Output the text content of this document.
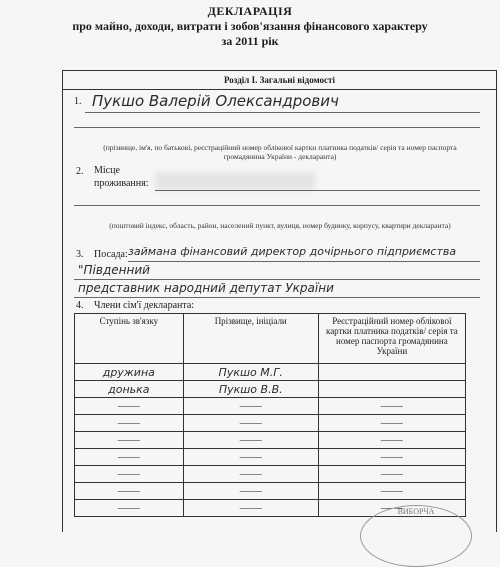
ДЕКЛАРАЦІЯ
про майно, доходи, витрати і зобов'язання фінансового характеру
за 2011 рік
Розділ І. Загальні відомості
1. Пукшо Валерій Олександрович
(прізвище, ім'я, по батькові, реєстраційний номер облікової картки платника податків/ серія та номер паспорта громадянина України - декларанта)
2. Місце проживання:
(поштовий індекс, область, район, населений пункт, вулиця, номер будинку, корпусу, квартири декларанта)
3. Посада: займана фінансовий директор дочірнього підприємства
"Південний
представник народний депутат України
4. Члени сім'ї декларанта:
Ступінь зв'язку	Прізвище, ініціали	Реєстраційний номер облікової картки платника податків/ серія та номер паспорта громадянина України
дружина	Пукшо М.Г.	
донька	Пукшо В.В.	
——	——	——
——	——	——
——	——	——
——	——	——
——	——	——
——	——	——
——	——	——
ВИБОРЧА
